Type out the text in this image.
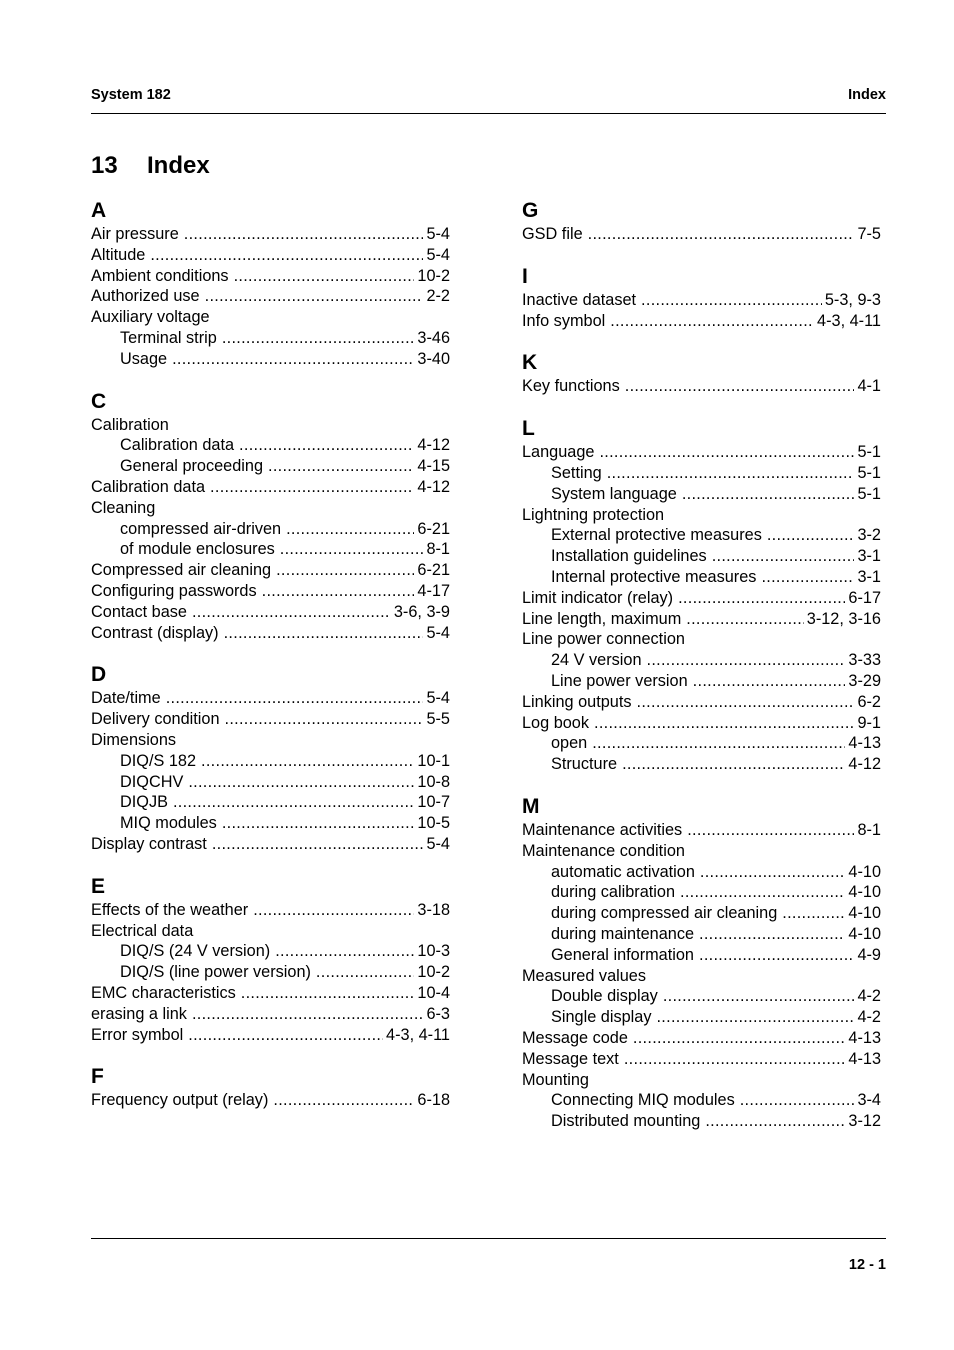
System 182	Index
13 Index
A
Air pressure .....	5-4
Altitude .....	5-4
Ambient conditions .....	10-2
Authorized use .....	2-2
Auxiliary voltage
Terminal strip .....	3-46
Usage .....	3-40
C
Calibration
Calibration data .....	4-12
General proceeding .....	4-15
Calibration data .....	4-12
Cleaning
compressed air-driven .....	6-21
of module enclosures .....	8-1
Compressed air cleaning .....	6-21
Configuring passwords .....	4-17
Contact base .....	3-6, 3-9
Contrast (display) .....	5-4
D
Date/time .....	5-4
Delivery condition .....	5-5
Dimensions
DIQ/S 182 .....	10-1
DIQCHV .....	10-8
DIQJB .....	10-7
MIQ modules .....	10-5
Display contrast .....	5-4
E
Effects of the weather .....	3-18
Electrical data
DIQ/S (24 V version) .....	10-3
DIQ/S (line power version) .....	10-2
EMC characteristics .....	10-4
erasing a link .....	6-3
Error symbol .....	4-3, 4-11
F
Frequency output (relay) .....	6-18
G
GSD file .....	7-5
I
Inactive dataset .....	5-3, 9-3
Info symbol .....	4-3, 4-11
K
Key functions .....	4-1
L
Language .....	5-1
Setting .....	5-1
System language .....	5-1
Lightning protection
External protective measures .....	3-2
Installation guidelines .....	3-1
Internal protective measures .....	3-1
Limit indicator (relay) .....	6-17
Line length, maximum .....	3-12, 3-16
Line power connection
24 V version .....	3-33
Line power version .....	3-29
Linking outputs .....	6-2
Log book .....	9-1
open .....	4-13
Structure .....	4-12
M
Maintenance activities .....	8-1
Maintenance condition
automatic activation .....	4-10
during calibration .....	4-10
during compressed air cleaning .....	4-10
during maintenance .....	4-10
General information .....	4-9
Measured values
Double display .....	4-2
Single display .....	4-2
Message code .....	4-13
Message text .....	4-13
Mounting
Connecting MIQ modules .....	3-4
Distributed mounting .....	3-12
12 - 1
